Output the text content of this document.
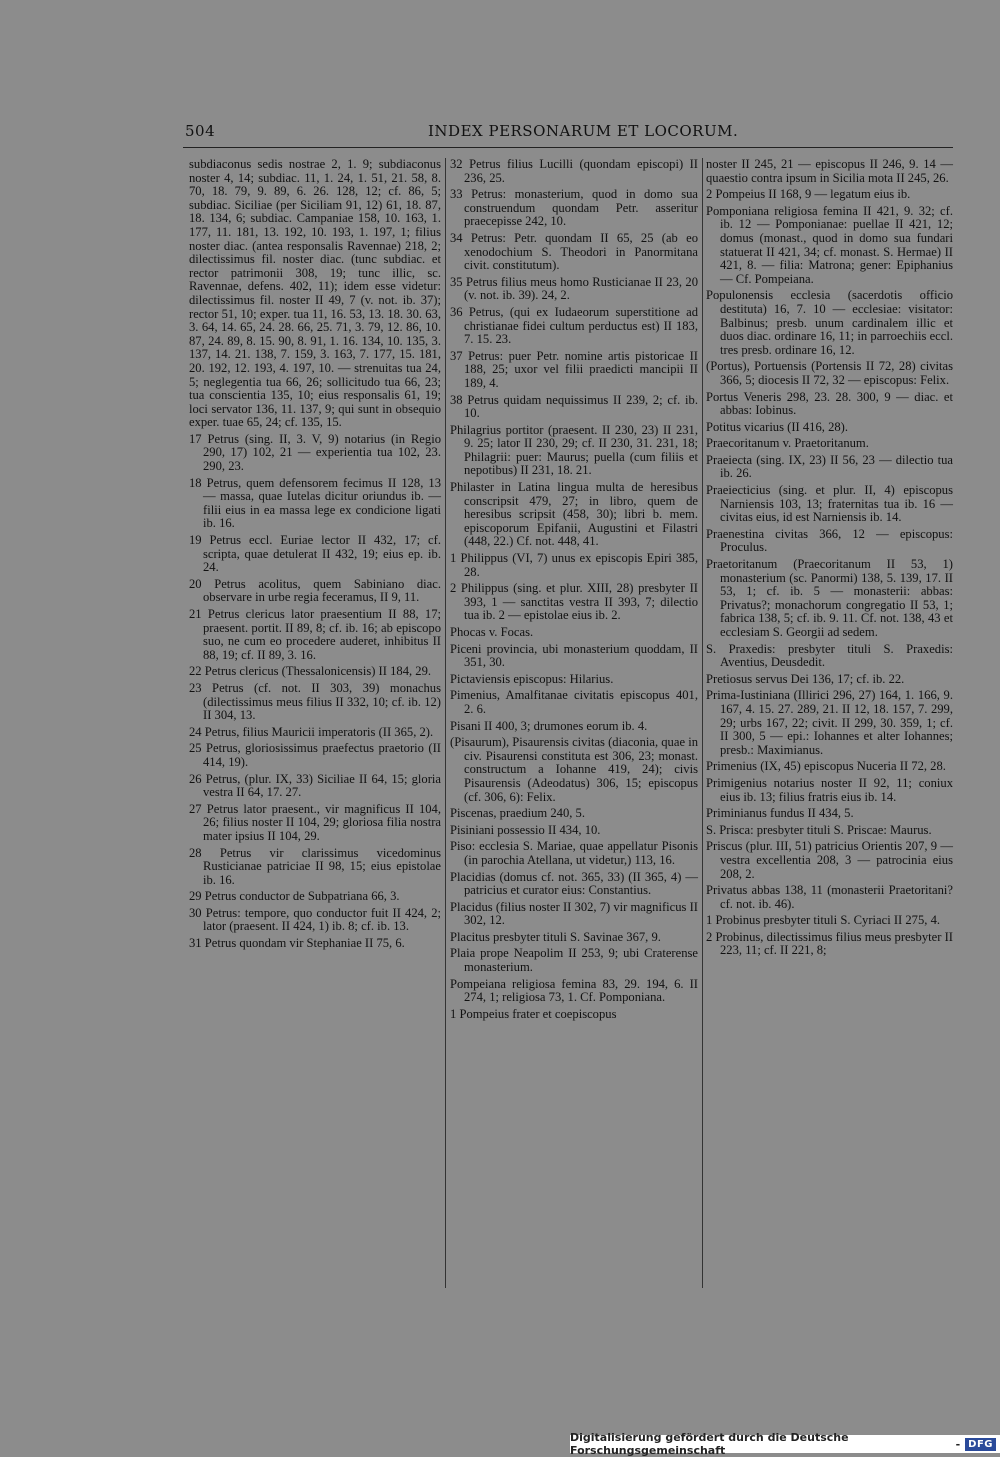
504	INDEX PERSONARUM ET LOCORUM.
subdiaconus sedis nostrae 2, 1. 9; subdiaconus noster 4, 14; subdiac. 11, 1. 24, 1. 51, 21. 58, 8. 70, 18. 79, 9. 89, 6. 26. 128, 12; cf. 86, 5; subdiac. Siciliae (per Siciliam 91, 12) 61, 18. 87, 18. 134, 6; subdiac. Campaniae 158, 10. 163, 1. 177, 11. 181, 13. 192, 10. 193, 1. 197, 1; filius noster diac. (antea responsalis Ravennae) 218, 2; dilectissimus fil. noster diac. (tunc subdiac. et rector patrimonii 308, 19; tunc illic, sc. Ravennae, defens. 402, 11); idem esse videtur: dilectissimus fil. noster II 49, 7 (v. not. ib. 37); rector 51, 10; exper. tua 11, 16. 53, 13. 18. 30. 63, 3. 64, 14. 65, 24. 28. 66, 25. 71, 3. 79, 12. 86, 10. 87, 24. 89, 8. 15. 90, 8. 91, 1. 16. 134, 10. 135, 3. 137, 14. 21. 138, 7. 159, 3. 163, 7. 177, 15. 181, 20. 192, 12. 193, 4. 197, 10. — strenuitas tua 24, 5; neglegentia tua 66, 26; sollicitudo tua 66, 23; tua conscientia 135, 10; eius responsalis 61, 19; loci servator 136, 11. 137, 9; qui sunt in obsequio exper. tuae 65, 24; cf. 135, 15.
17 Petrus (sing. II, 3. V, 9) notarius (in Regio 290, 17) 102, 21 — experientia tua 102, 23. 290, 23.
18 Petrus, quem defensorem fecimus II 128, 13 — massa, quae Iutelas dicitur oriundus ib. — filii eius in ea massa lege ex condicione ligati ib. 16.
19 Petrus eccl. Euriae lector II 432, 17; cf. scripta, quae detulerat II 432, 19; eius ep. ib. 24.
20 Petrus acolitus, quem Sabiniano diac. observare in urbe regia feceramus, II 9, 11.
21 Petrus clericus lator praesentium II 88, 17; praesent. portit. II 89, 8; cf. ib. 16; ab episcopo suo, ne cum eo procedere auderet, inhibitus II 88, 19; cf. II 89, 3. 16.
22 Petrus clericus (Thessalonicensis) II 184, 29.
23 Petrus (cf. not. II 303, 39) monachus (dilectissimus meus filius II 332, 10; cf. ib. 12) II 304, 13.
24 Petrus, filius Mauricii imperatoris (II 365, 2).
25 Petrus, gloriosissimus praefectus praetorio (II 414, 19).
26 Petrus, (plur. IX, 33) Siciliae II 64, 15; gloria vestra II 64, 17. 27.
27 Petrus lator praesent., vir magnificus II 104, 26; filius noster II 104, 29; gloriosa filia nostra mater ipsius II 104, 29.
28 Petrus vir clarissimus vicedominus Rusticianae patriciae II 98, 15; eius epistolae ib. 16.
29 Petrus conductor de Subpatriana 66, 3.
30 Petrus: tempore, quo conductor fuit II 424, 2; lator (praesent. II 424, 1) ib. 8; cf. ib. 13.
31 Petrus quondam vir Stephaniae II 75, 6.
32 Petrus filius Lucilli (quondam episcopi) II 236, 25.
33 Petrus: monasterium, quod in domo sua construendum quondam Petr. asseritur praecepisse 242, 10.
34 Petrus: Petr. quondam II 65, 25 (ab eo xenodochium S. Theodori in Panormitana civit. constitutum).
35 Petrus filius meus homo Rusticianae II 23, 20 (v. not. ib. 39). 24, 2.
36 Petrus, (qui ex Iudaeorum superstitione ad christianae fidei cultum perductus est) II 183, 7. 15. 23.
37 Petrus: puer Petr. nomine artis pistoricae II 188, 25; uxor vel filii praedicti mancipii II 189, 4.
38 Petrus quidam nequissimus II 239, 2; cf. ib. 10.
Philagrius portitor (praesent. II 230, 23) II 231, 9. 25; lator II 230, 29; cf. II 230, 31. 231, 18; Philagrii: puer: Maurus; puella (cum filiis et nepotibus) II 231, 18. 21.
Philaster in Latina lingua multa de heresibus conscripsit 479, 27; in libro, quem de heresibus scripsit (458, 30); libri b. mem. episcoporum Epifanii, Augustini et Filastri (448, 22.) Cf. not. 448, 41.
1 Philippus (VI, 7) unus ex episcopis Epiri 385, 28.
2 Philippus (sing. et plur. XIII, 28) presbyter II 393, 1 — sanctitas vestra II 393, 7; dilectio tua ib. 2 — epistolae eius ib. 2.
Phocas v. Focas.
Piceni provincia, ubi monasterium quoddam, II 351, 30.
Pictaviensis episcopus: Hilarius.
Pimenius, Amalfitanae civitatis episcopus 401, 2. 6.
Pisani II 400, 3; drumones eorum ib. 4.
(Pisaurum), Pisaurensis civitas (diaconia, quae in civ. Pisaurensi constituta est 306, 23; monast. constructum a Iohanne 419, 24); civis Pisaurensis (Adeodatus) 306, 15; episcopus (cf. 306, 6): Felix.
Piscenas, praedium 240, 5.
Pisiniani possessio II 434, 10.
Piso: ecclesia S. Mariae, quae appellatur Pisonis (in parochia Atellana, ut videtur,) 113, 16.
Placidias (domus cf. not. 365, 33) (II 365, 4) — patricius et curator eius: Constantius.
Placidus (filius noster II 302, 7) vir magnificus II 302, 12.
Placitus presbyter tituli S. Savinae 367, 9.
Plaia prope Neapolim II 253, 9; ubi Craterense monasterium.
Pompeiana religiosa femina 83, 29. 194, 6. II 274, 1; religiosa 73, 1. Cf. Pomponiana.
1 Pompeius frater et coepiscopus
noster II 245, 21 — episcopus II 246, 9. 14 — quaestio contra ipsum in Sicilia mota II 245, 26.
2 Pompeius II 168, 9 — legatum eius ib.
Pomponiana religiosa femina II 421, 9. 32; cf. ib. 12 — Pomponianae: puellae II 421, 12; domus (monast., quod in domo sua fundari statuerat II 421, 34; cf. monast. S. Hermae) II 421, 8. — filia: Matrona; gener: Epiphanius — Cf. Pompeiana.
Populonensis ecclesia (sacerdotis officio destituta) 16, 7. 10 — ecclesiae: visitator: Balbinus; presb. unum cardinalem illic et duos diac. ordinare 16, 11; in parroechiis eccl. tres presb. ordinare 16, 12.
(Portus), Portuensis (Portensis II 72, 28) civitas 366, 5; diocesis II 72, 32 — episcopus: Felix.
Portus Veneris 298, 23. 28. 300, 9 — diac. et abbas: Iobinus.
Potitus vicarius (II 416, 28).
Praecoritanum v. Praetoritanum.
Praeiecta (sing. IX, 23) II 56, 23 — dilectio tua ib. 26.
Praeiecticius (sing. et plur. II, 4) episcopus Narniensis 103, 13; fraternitas tua ib. 16 — civitas eius, id est Narniensis ib. 14.
Praenestina civitas 366, 12 — episcopus: Proculus.
Praetoritanum (Praecoritanum II 53, 1) monasterium (sc. Panormi) 138, 5. 139, 17. II 53, 1; cf. ib. 5 — monasterii: abbas: Privatus?; monachorum congregatio II 53, 1; fabrica 138, 5; cf. ib. 9. 11. Cf. not. 138, 43 et ecclesiam S. Georgii ad sedem.
S. Praxedis: presbyter tituli S. Praxedis: Aventius, Deusdedit.
Pretiosus servus Dei 136, 17; cf. ib. 22.
Prima-Iustiniana (Illirici 296, 27) 164, 1. 166, 9. 167, 4. 15. 27. 289, 21. II 12, 18. 157, 7. 299, 29; urbs 167, 22; civit. II 299, 30. 359, 1; cf. II 300, 5 — epi.: Iohannes et alter Iohannes; presb.: Maximianus.
Primenius (IX, 45) episcopus Nuceria II 72, 28.
Primigenius notarius noster II 92, 11; coniux eius ib. 13; filius fratris eius ib. 14.
Priminianus fundus II 434, 5.
S. Prisca: presbyter tituli S. Priscae: Maurus.
Priscus (plur. III, 51) patricius Orientis 207, 9 — vestra excellentia 208, 3 — patrocinia eius 208, 2.
Privatus abbas 138, 11 (monasterii Praetoritani? cf. not. ib. 46).
1 Probinus presbyter tituli S. Cyriaci II 275, 4.
2 Probinus, dilectissimus filius meus presbyter II 223, 11; cf. II 221, 8;
Digitalisierung gefördert durch die Deutsche Forschungsgemeinschaft	- DFG
